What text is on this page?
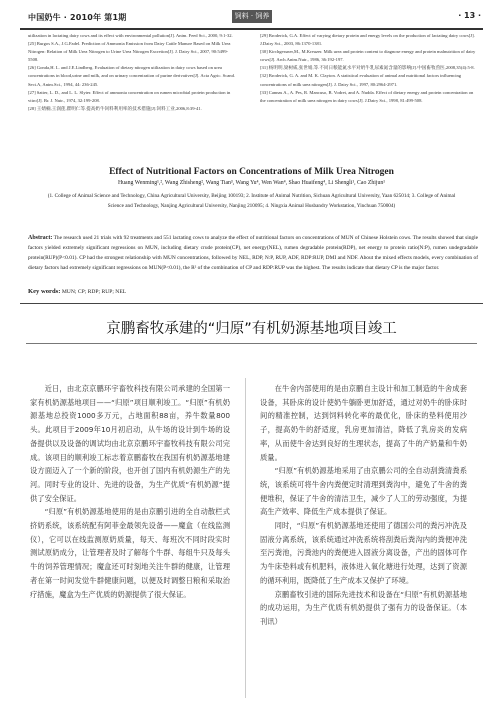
中国奶牛 · 2010年 第1期	饲料 · 饲养	· 13 ·

utilization in lactating dairy cows and its effect with environmental pollution[J]. Anim. Feed Sci., 2000, 9:1-32.

[25] Burgos S.A., J.G.Fadel. Prediction of Ammonia Emission from Dairy Cattle Manure Based on Milk Urea Nitrogen: Relation of Milk Urea Nitrogen to Urine Urea Nitrogen Excretion[J]. J. Dairy Sci., 2007, 90:5499-5508.

[26] Gonda,H. L. and J.E.Lindberg. Evaluation of dietary nitrogen utilization in dairy cows based on urea concentrations in blood,urine and milk, and on urinary concentration of purine derivatives[J]. Acta Agric. Scand. Sect.A, Anim.Sci., 1994, 44: 236-245.

[27] Satter, L. D., and L. L. Slyter. Effect of ammonia concentration on rumen microbial protein production in vitro[J]. Br. J. Nutr., 1974, 32:199-208.

[28] 王婧楠,王润莲,瞿明仁等.提高奶牛饲料利用率的技术措施[J].饲料工业,2006,8:39-41.

[29] Broderick, G.A. Effect of varying dietary protein and energy levels on the production of lactating dairy cows[J]. J.Dairy Sci., 2003, 86:1370-1381.

[30] Kirchgessner,M., M.Kreuzer. Milk urea and protein content to diagnose energy and protein malnutrition of dairy cows[J]. Arch.Anim.Nutr., 1986, 36:192-197.

[31] 杨明明,梁树威,张世娟,等.不同日粮能氮水平对奶牛乳尿素氮含量的影响[J].中国畜牧兽医,2008,35(4):5-8.

[32] Broderick, G. A. and M. K. Clayton. A statistical evaluation of animal and nutritional factors influencing concentrations of milk urea nitrogen[J]. J. Dairy Sci., 1997, 80:2964-2971.

[33] Cannas A., A. Pes, R. Mancuso, B. Vodret, and A. Nudda. Effect of dietary energy and protein concentration on the concentration of milk urea nitrogen in dairy cows[J]. J.Dairy Sci., 1998, 81:499-508.

Effect of Nutritional Factors on Concentrations of Milk Urea Nitrogen
Huang Wenming¹,², Wang Zhisheng², Wang Tian³, Wang Yu⁴, Wen Wan⁴, Shao Huaifeng⁴, Li Shengli¹, Cao Zhijun¹
(1. College of Animal Science and Technology, China Agricultural University, Beijing 100193; 2. Institute of Animal Nutrition, Sichuan Agricultural University, Yaan 625014; 3. College of Animal Science and Technology, Nanjing Agricultural University, Nanjing 210095; 4. Ningxia Animal Husbandry Workstation, Yinchuan 750004)
Abstract: The research used 21 trials with 92 treatments and 551 lactating cows to analyze the effect of nutritional factors on concentrations of MUN of Chinese Holstein cows. The results showed that single factors yielded extremely significant regressions on MUN, including dietary crude protein(CP), net energy(NEL), rumen degradable protein(RDP), net energy to protein ratio(N:P), rumen undegradable protein(RUP)(P<0.01). CP had the strongest relationship with MUN concentrations, followed by NEL, RDP, N:P, RUP, ADF, RDP:RUP, DMI and NDF. About the mixed effects models, every combination of dietary factors had extremely significant regressions on MUN(P<0.01), the R² of the combination of CP and RDP:RUP was the highest. The results indicate that dietary CP is the major factor.
Key words: MUN; CP; RDP; RUP; NEL
京鹏畜牧承建的“归原”有机奶源基地项目竣工

近日，由北京京鹏环宇畜牧科技有限公司承建的全国第一家有机奶源基地项目——“归原”项目顺利竣工。“归原”有机奶源基地总投资1000多万元，占地面积88亩，养牛数量800头。此项目于2009年10月初启动，从牛场的设计到牛场的设备提供以及设备的调试均由北京京鹏环宇畜牧科技有限公司完成。该项目的顺利竣工标志着京鹏畜牧在我国有机奶源基地建设方面迈入了一个新的阶段，也开创了国内有机奶源生产的先河。同时专业的设计、先进的设备，为生产优质“有机奶源”提供了安全保证。

“归原”有机奶源基地使用的是由京鹏引进的全自动散栏式挤奶系统，该系统配有阿菲金最领先设备——魔盒（在线监测仪），它可以在线监测原奶质量，每天、每班次不同时段实时测试原奶成分，让管理者及时了解每个牛群、每组牛只及每头牛的饲养管理情况；魔盒还可时刻地关注牛群的健康，让管理者在第一时间发觉牛群健康问题，以便及时调整日粮和采取治疗措施，魔盒为生产优质的奶源提供了很大保证。

在牛舍内部使用的是由京鹏自主设计和加工制造的牛舍成套设备，其卧床的设计使奶牛躺卧更加舒适，通过对奶牛的卧床时间的精准控制，达到饲料转化率的最优化，卧床的垫料使用沙子，提高奶牛的舒适度，乳房更加清洁，降低了乳房炎的发病率，从而使牛舍达到良好的生理状态，提高了牛的产奶量和牛奶质量。

“归原”有机奶源基地采用了由京鹏公司的全自动刮粪清粪系统，该系统可将牛舍内粪便定时清理到粪沟中，避免了牛舍的粪便堆积，保证了牛舍的清洁卫生，减少了人工的劳动强度，为提高生产效率、降低生产成本提供了保证。

同时，“归原”有机奶源基地还使用了德国公司的粪污冲洗及固液分离系统，该系统通过冲洗系统将刮粪后粪沟内的粪便冲洗至污粪池，污粪池内的粪便进入固液分离设备，产出的固体可作为牛床垫料或有机肥料，液体进入氧化塘进行处理，达到了资源的循环利用，既降低了生产成本又保护了环境。

京鹏畜牧引进的国际先进技术和设备在“归原”有机奶源基地的成功运用，为生产优质有机奶提供了强有力的设备保证。（本刊讯）
